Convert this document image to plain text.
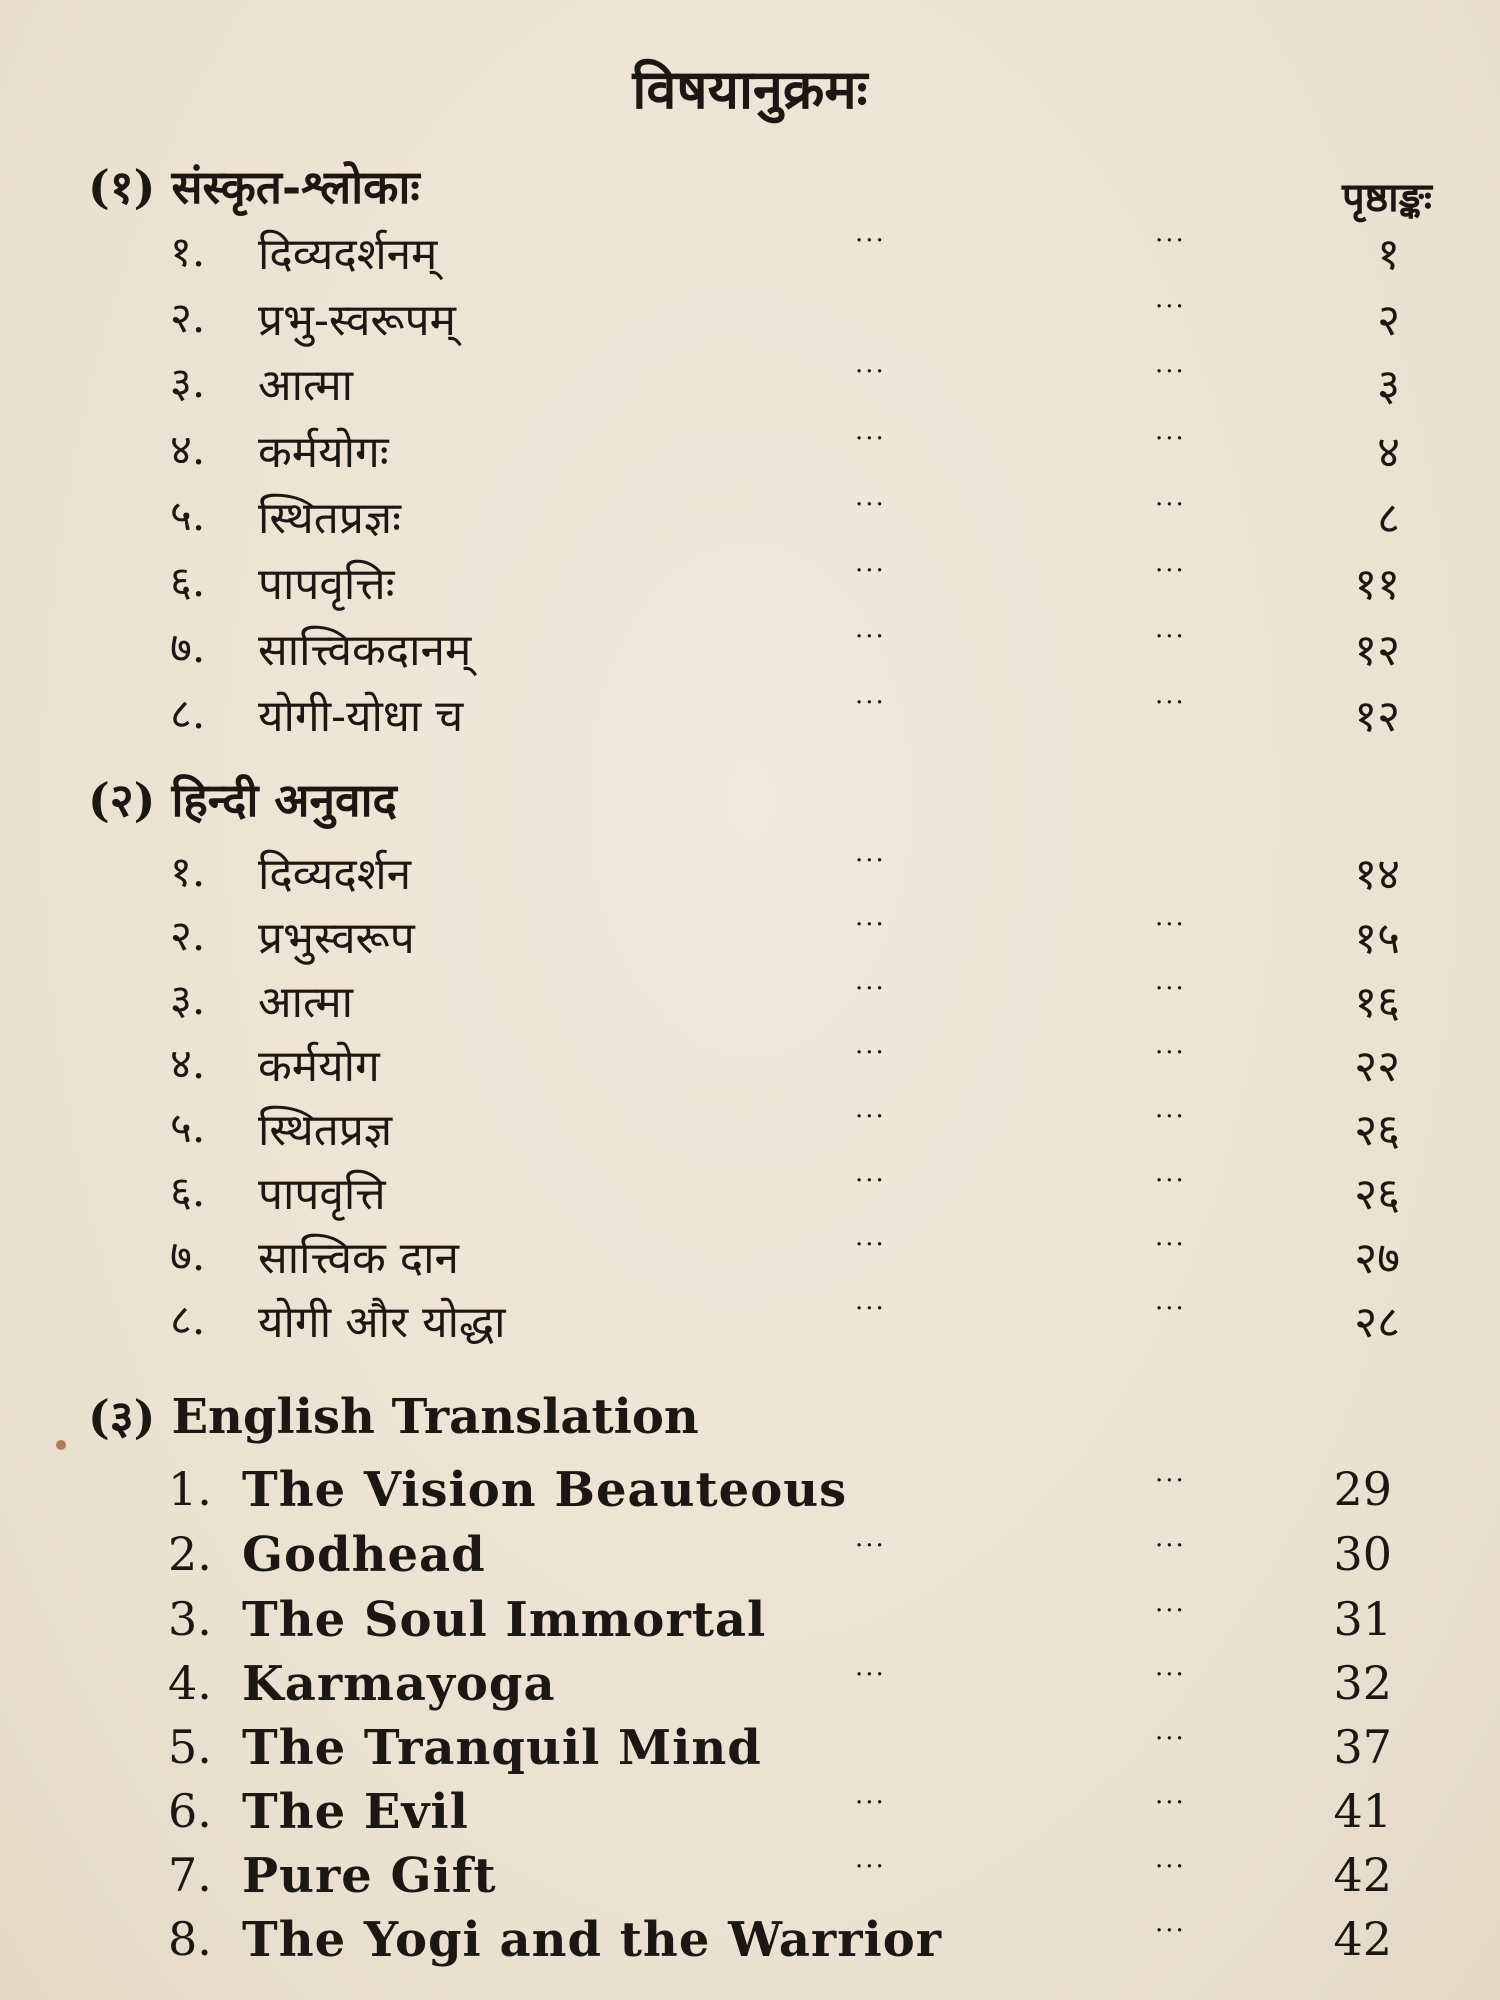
विषयानुक्रमः
पृष्ठाङ्कः
(१) संस्कृत-श्लोकाः
१. दिव्यदर्शनम्	···	···	१
२. प्रभु-स्वरूपम्	···	२
३. आत्मा	···	···	३
४. कर्मयोगः	···	···	४
५. स्थितप्रज्ञः	···	···	८
६. पापवृत्तिः	···	···	११
७. सात्त्विकदानम्	···	···	१२
८. योगी-योधा च	···	···	१२
(२) हिन्दी अनुवाद
१. दिव्यदर्शन	···	१४
२. प्रभुस्वरूप	···	···	१५
३. आत्मा	···	···	१६
४. कर्मयोग	···	···	२२
५. स्थितप्रज्ञ	···	···	२६
६. पापवृत्ति	···	···	२६
७. सात्त्विक दान	···	···	२७
८. योगी और योद्धा	···	···	२८
(३) English Translation
1. The Vision Beauteous	···	29
2. Godhead	···	···	30
3. The Soul Immortal	···	31
4. Karmayoga	···	···	32
5. The Tranquil Mind	···	37
6. The Evil	···	···	41
7. Pure Gift	···	···	42
8. The Yogi and the Warrior	···	42
